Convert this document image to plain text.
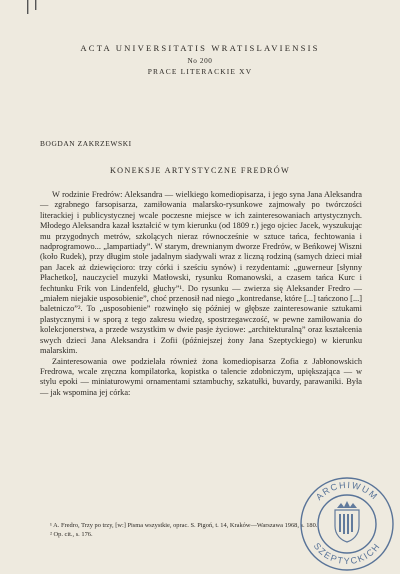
ACTA UNIVERSITATIS WRATISLAVIENSIS
No 200
PRACE LITERACKIE XV
BOGDAN ZAKRZEWSKI
KONEKSJE ARTYSTYCZNE FREDRÓW

W rodzinie Fredrów: Aleksandra — wielkiego komediopisarza, i jego syna Jana Aleksandra — zgrabnego farsopisarza, zamiłowania malarsko-rysunkowe zajmowały po twórczości literackiej i publicystycznej wcale poczesne miejsce w ich zainteresowaniach artystycznych. Młodego Aleksandra kazał kształcić w tym kierunku (od 1809 r.) jego ojciec Jacek, wyszukując mu przygodnych metrów, szkolących nieraz równocześnie w sztuce tańca, fechtowania i nadprogramowo... „lampartiady”. W starym, drewnianym dworze Fredrów, w Beńkowej Wiszni (koło Rudek), przy długim stole jadalnym siadywali wraz z liczną rodziną (samych dzieci miał pan Jacek aż dziewięcioro: trzy córki i sześciu synów) i rezydentami: „guwerneur [słynny Płachetko], nauczyciel muzyki Matłowski, rysunku Romanowski, a czasem tańca Kurc i fechtunku Frik von Lindenfeld, głuchy”¹. Do rysunku — zwierza się Aleksander Fredro — „miałem niejakie usposobienie”, choć przenosił nad niego „kontredanse, które [...] tańczono [...] baletniczo”². To „usposobienie” rozwinęło się później w głębsze zainteresowanie sztukami plastycznymi i w sporą z tego zakresu wiedzę, spostrzegawczość, w pewne zamiłowania do kolekcjonerstwa, a przede wszystkim w dwie pasje życiowe: „architekturalną” oraz kształcenia swych dzieci Jana Aleksandra i Zofii (późniejszej żony Jana Szeptyckiego) w kierunku malarskim.

Zainteresowania owe podzielała również żona komediopisarza Zofia z Jabłonowskich Fredrowa, wcale zręczna kompilatorka, kopistka o talencie zdobniczym, upiększająca — w stylu epoki — miniaturowymi ornamentami sztambuchy, szkatułki, buvardy, parawaniki. Była — jak wspomina jej córka:

¹ A. Fredro, Trzy po trzy, [w:] Pisma wszystkie, oprac. S. Pigoń, t. 14, Kraków—Warszawa 1968, s. 180.

² Op. cit., s. 176.

ARCHIWUM
SZEPTYCKICH
